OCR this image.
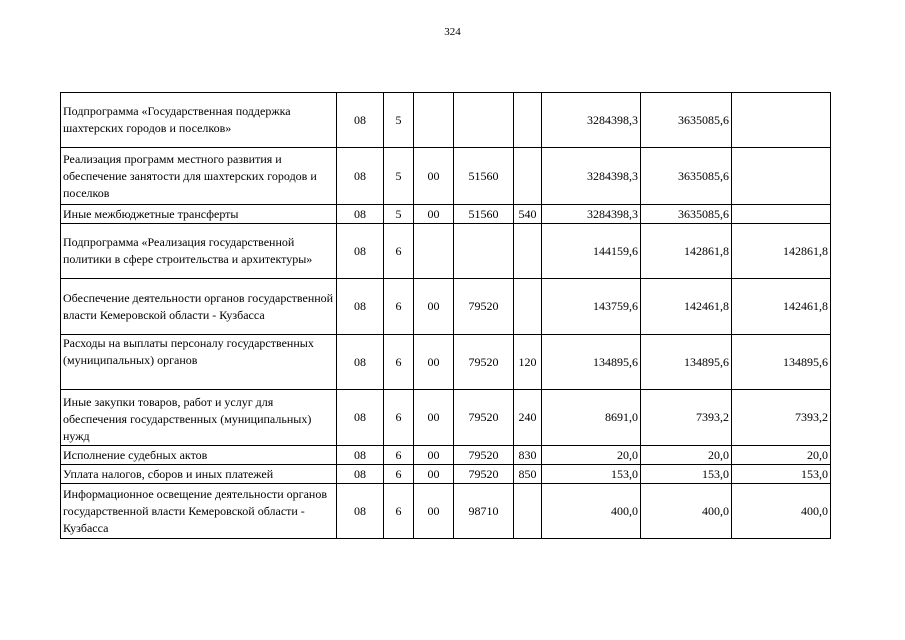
324
Подпрограмма «Государственная поддержка шахтерских городов и поселков»	08	5				3284398,3	3635085,6	
Реализация программ местного развития и обеспечение занятости для шахтерских городов и поселков	08	5	00	51560		3284398,3	3635085,6	
Иные межбюджетные трансферты	08	5	00	51560	540	3284398,3	3635085,6	
Подпрограмма «Реализация государственной политики в сфере строительства и архитектуры»	08	6				144159,6	142861,8	142861,8
Обеспечение деятельности органов государственной власти Кемеровской области - Кузбасса	08	6	00	79520		143759,6	142461,8	142461,8
Расходы на выплаты персоналу государственных (муниципальных) органов	08	6	00	79520	120	134895,6	134895,6	134895,6
Иные закупки товаров, работ и услуг для обеспечения государственных (муниципальных) нужд	08	6	00	79520	240	8691,0	7393,2	7393,2
Исполнение судебных актов	08	6	00	79520	830	20,0	20,0	20,0
Уплата налогов, сборов и иных платежей	08	6	00	79520	850	153,0	153,0	153,0
Информационное освещение деятельности органов государственной власти Кемеровской области - Кузбасса	08	6	00	98710		400,0	400,0	400,0
